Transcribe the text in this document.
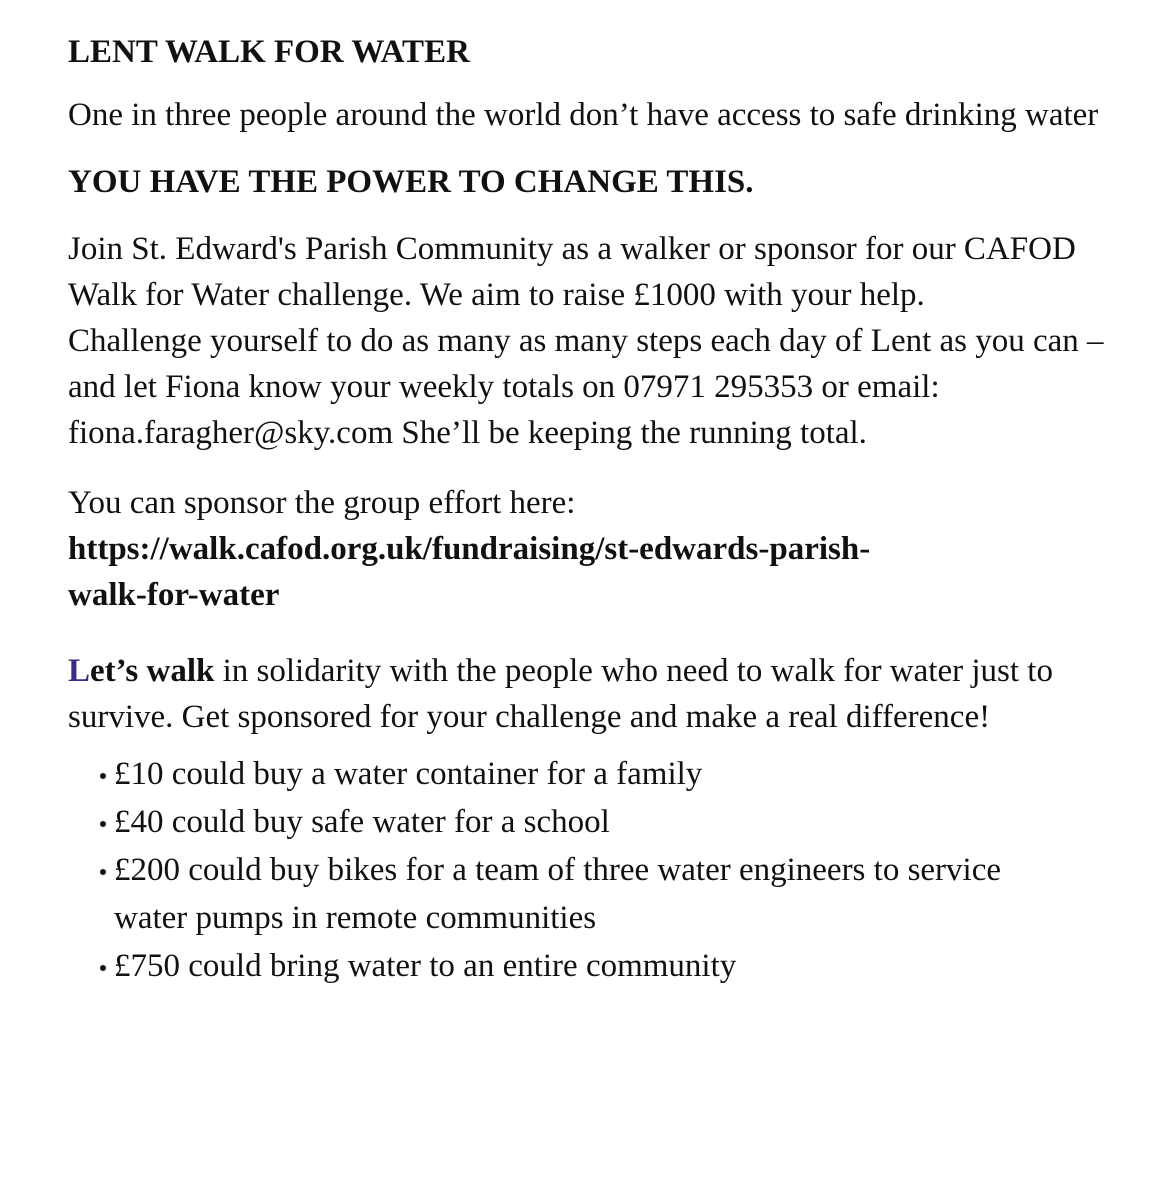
LENT WALK FOR WATER

One in three people around the world don’t have access to safe drinking water

YOU HAVE THE POWER TO CHANGE THIS.

Join St. Edward's Parish Community as a walker or sponsor for our CAFOD Walk for Water challenge. We aim to raise £1000 with your help.

Challenge yourself to do as many as many steps each day of Lent as you can – and let Fiona know your weekly totals on 07971 295353 or email: fiona.faragher@sky.com She’ll be keeping the running total.

You can sponsor the group effort here:

https://walk.cafod.org.uk/fundraising/st-edwards-parish-
walk-for-water

Let’s walk in solidarity with the people who need to walk for water just to survive. Get sponsored for your challenge and make a real difference!

£10 could buy a water container for a family
£40 could buy safe water for a school
£200 could buy bikes for a team of three water engineers to service water pumps in remote communities
£750 could bring water to an entire community
